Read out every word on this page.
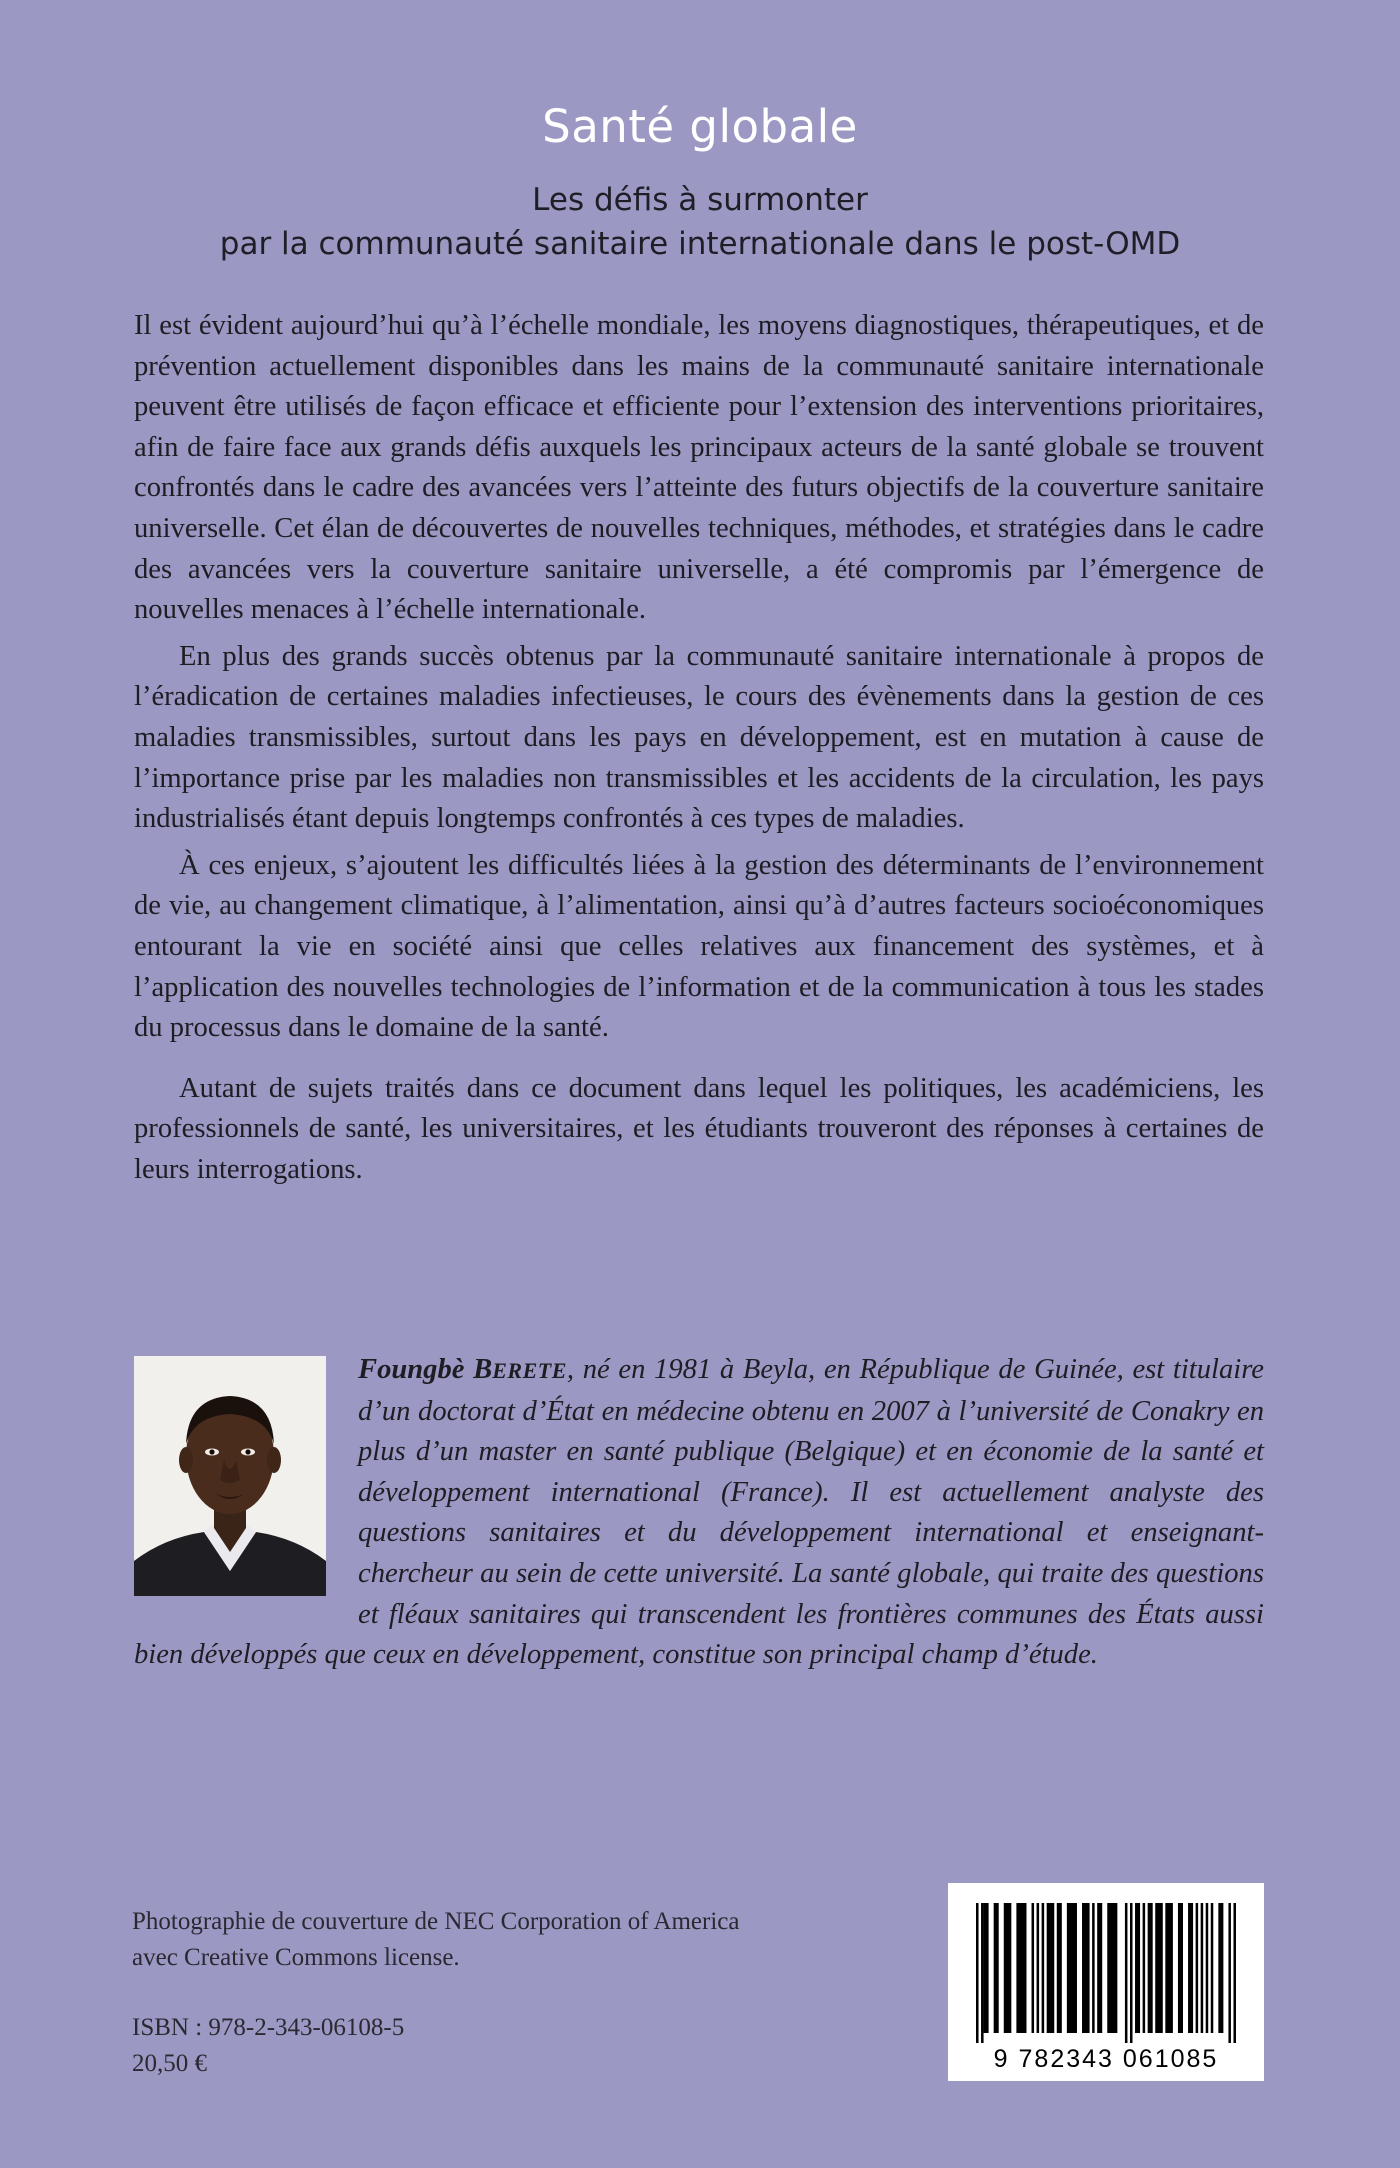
Santé globale
Les défis à surmonter
par la communauté sanitaire internationale dans le post-OMD

Il est évident aujourd’hui qu’à l’échelle mondiale, les moyens diagnostiques, thérapeutiques, et de prévention actuellement disponibles dans les mains de la communauté sanitaire internationale peuvent être utilisés de façon efficace et efficiente pour l’extension des interventions prioritaires, afin de faire face aux grands défis auxquels les principaux acteurs de la santé globale se trouvent confrontés dans le cadre des avancées vers l’atteinte des futurs objectifs de la couverture sanitaire universelle. Cet élan de découvertes de nouvelles techniques, méthodes, et stratégies dans le cadre des avancées vers la couverture sanitaire universelle, a été compromis par l’émergence de nouvelles menaces à l’échelle internationale.

En plus des grands succès obtenus par la communauté sanitaire internationale à propos de l’éradication de certaines maladies infectieuses, le cours des évènements dans la gestion de ces maladies transmissibles, surtout dans les pays en développement, est en mutation à cause de l’importance prise par les maladies non transmissibles et les accidents de la circulation, les pays industrialisés étant depuis longtemps confrontés à ces types de maladies.

À ces enjeux, s’ajoutent les difficultés liées à la gestion des déterminants de l’environnement de vie, au changement climatique, à l’alimentation, ainsi qu’à d’autres facteurs socioéconomiques entourant la vie en société ainsi que celles relatives aux financement des systèmes, et à l’application des nouvelles technologies de l’information et de la communication à tous les stades du processus dans le domaine de la santé.

Autant de sujets traités dans ce document dans lequel les politiques, les académiciens, les professionnels de santé, les universitaires, et les étudiants trouveront des réponses à certaines de leurs interrogations.

Foungbè BERETE, né en 1981 à Beyla, en République de Guinée, est titulaire d’un doctorat d’État en médecine obtenu en 2007 à l’université de Conakry en plus d’un master en santé publique (Belgique) et en économie de la santé et développement international (France). Il est actuellement analyste des questions sanitaires et du développement international et enseignant-chercheur au sein de cette université. La santé globale, qui traite des questions et fléaux sanitaires qui transcendent les frontières communes des États aussi bien développés que ceux en développement, constitue son principal champ d’étude.

Photographie de couverture de NEC Corporation of America
avec Creative Commons license.
ISBN : 978-2-343-06108-5
20,50 €	9 782343 061085
